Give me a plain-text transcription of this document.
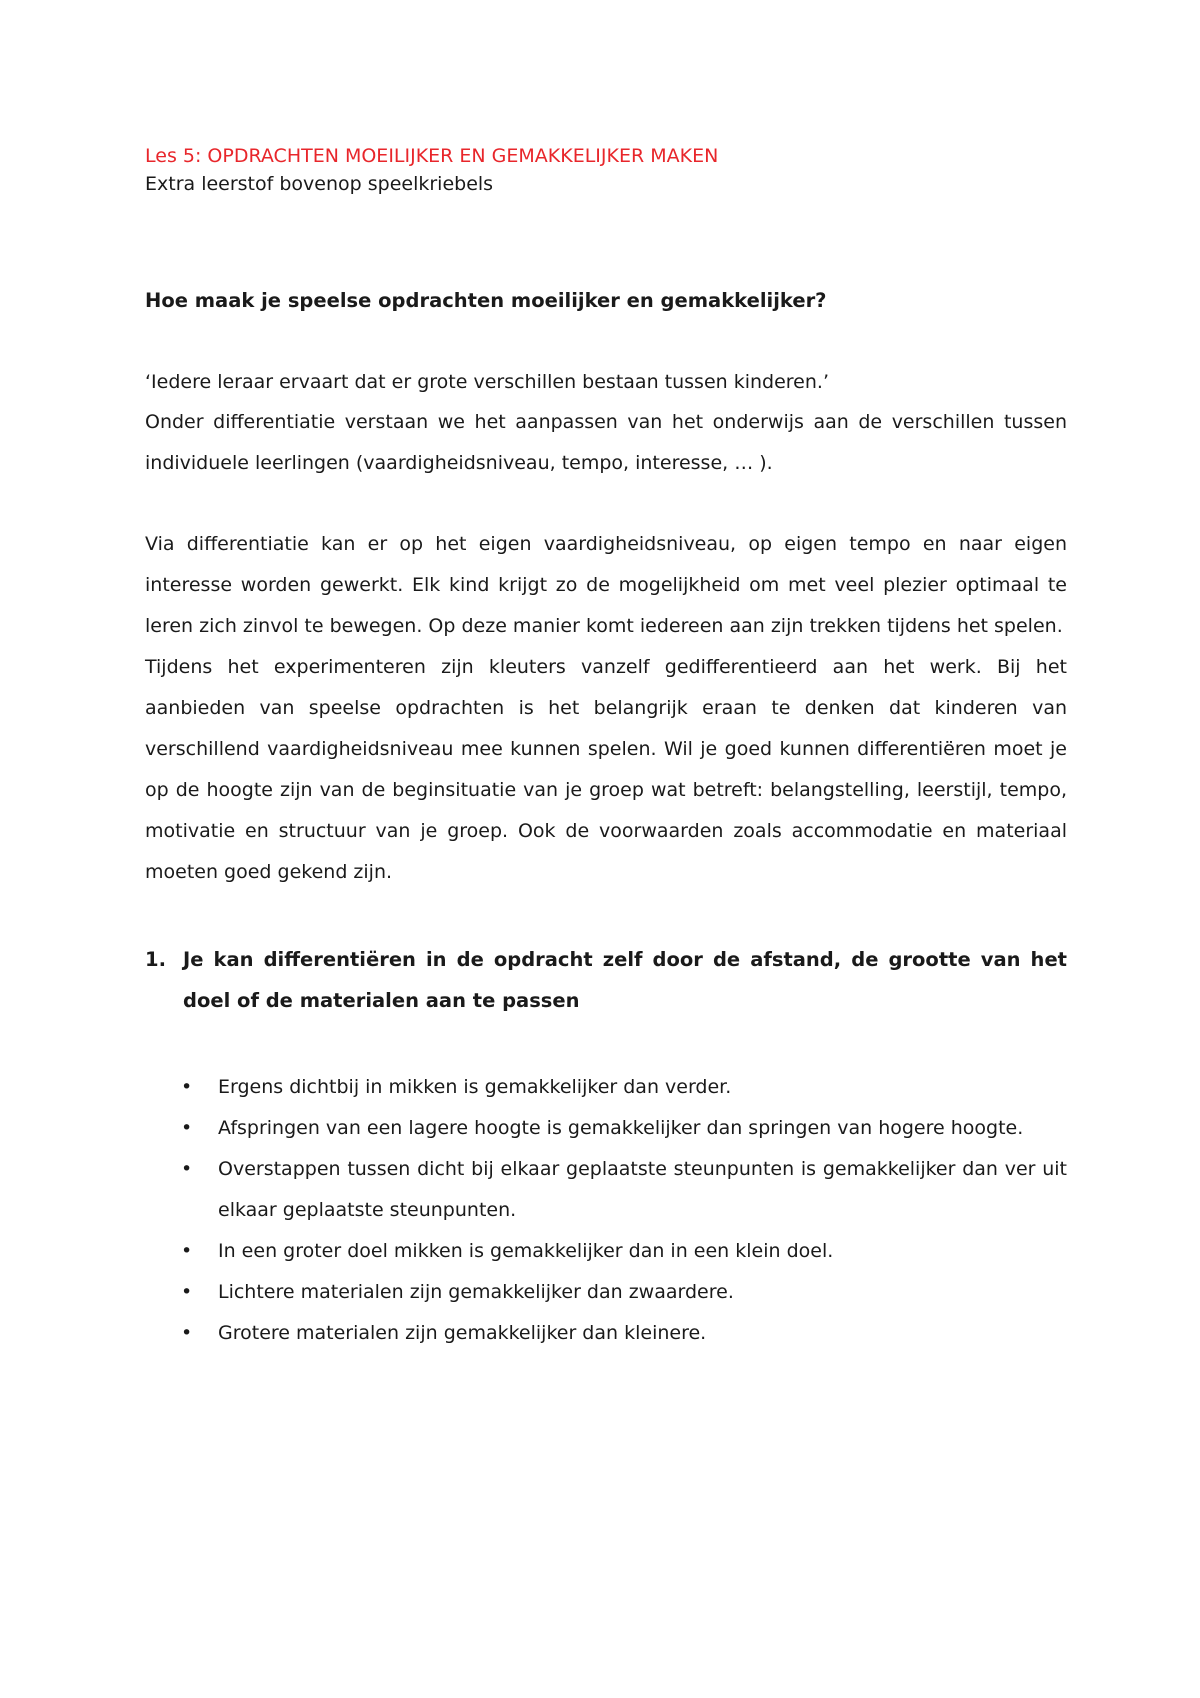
Les 5: OPDRACHTEN MOEILIJKER EN GEMAKKELIJKER MAKEN

Extra leerstof bovenop speelkriebels

Hoe maak je speelse opdrachten moeilijker en gemakkelijker?

‘Iedere leraar ervaart dat er grote verschillen bestaan tussen kinderen.’

Onder differentiatie verstaan we het aanpassen van het onderwijs aan de verschillen tussen individuele leerlingen (vaardigheidsniveau, tempo, interesse, … ).

Via differentiatie kan er op het eigen vaardigheidsniveau, op eigen tempo en naar eigen interesse worden gewerkt. Elk kind krijgt zo de mogelijkheid om met veel plezier optimaal te leren zich zinvol te bewegen. Op deze manier komt iedereen aan zijn trekken tijdens het spelen.

Tijdens het experimenteren zijn kleuters vanzelf gedifferentieerd aan het werk. Bij het aanbieden van speelse opdrachten is het belangrijk eraan te denken dat kinderen van verschillend vaardigheidsniveau mee kunnen spelen. Wil je goed kunnen differentiëren moet je op de hoogte zijn van de beginsituatie van je groep wat betreft: belangstelling, leerstijl, tempo, motivatie en structuur van je groep. Ook de voorwaarden zoals accommodatie en materiaal moeten goed gekend zijn.

1. Je kan differentiëren in de opdracht zelf door de afstand, de grootte van het doel of de materialen aan te passen
•	Ergens dichtbij in mikken is gemakkelijker dan verder.
•	Afspringen van een lagere hoogte is gemakkelijker dan springen van hogere hoogte.
•	Overstappen tussen dicht bij elkaar geplaatste steunpunten is gemakkelijker dan ver uit elkaar geplaatste steunpunten.
•	In een groter doel mikken is gemakkelijker dan in een klein doel.
•	Lichtere materialen zijn gemakkelijker dan zwaardere.
•	Grotere materialen zijn gemakkelijker dan kleinere.
